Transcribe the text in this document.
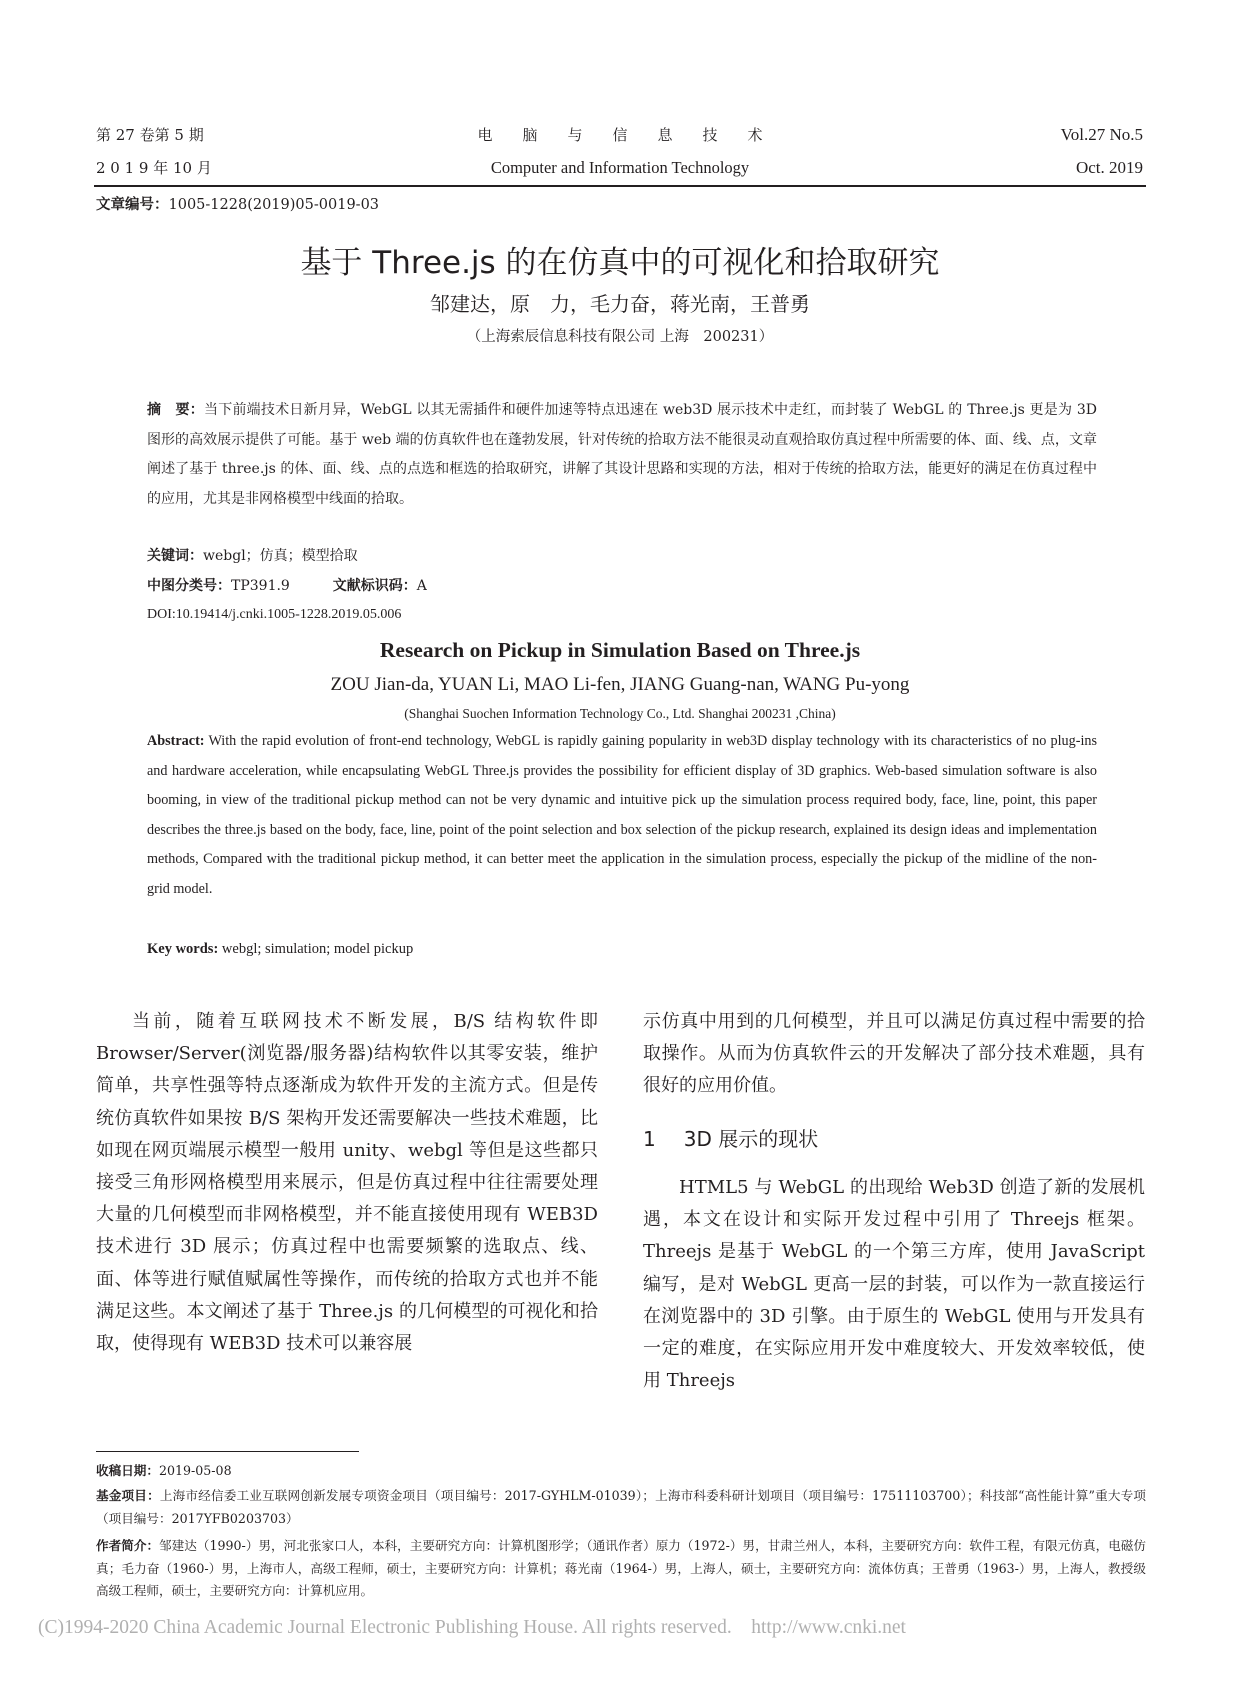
第 27 卷第 5 期
2 0 1 9 年 10 月
电　　脑　　与　　信　　息　　技　　术
Computer and Information Technology
Vol.27 No.5
Oct. 2019
文章编号：1005-1228(2019)05-0019-03
基于 Three.js 的在仿真中的可视化和拾取研究
邹建达，原　力，毛力奋，蒋光南，王普勇
（上海索辰信息科技有限公司 上海　200231）
摘　要：当下前端技术日新月异，WebGL 以其无需插件和硬件加速等特点迅速在 web3D 展示技术中走红，而封装了 WebGL 的 Three.js 更是为 3D 图形的高效展示提供了可能。基于 web 端的仿真软件也在蓬勃发展，针对传统的拾取方法不能很灵动直观拾取仿真过程中所需要的体、面、线、点，文章阐述了基于 three.js 的体、面、线、点的点选和框选的拾取研究，讲解了其设计思路和实现的方法，相对于传统的拾取方法，能更好的满足在仿真过程中的应用，尤其是非网格模型中线面的拾取。
关键词：webgl；仿真；模型拾取
中图分类号：TP391.9	文献标识码：A
DOI:10.19414/j.cnki.1005-1228.2019.05.006
Research on Pickup in Simulation Based on Three.js
ZOU Jian-da, YUAN Li, MAO Li-fen, JIANG Guang-nan, WANG Pu-yong
(Shanghai Suochen Information Technology Co., Ltd. Shanghai 200231 ,China)
Abstract: With the rapid evolution of front-end technology, WebGL is rapidly gaining popularity in web3D display technology with its characteristics of no plug-ins and hardware acceleration, while encapsulating WebGL Three.js provides the possibility for efficient display of 3D graphics. Web-based simulation software is also booming, in view of the traditional pickup method can not be very dynamic and intuitive pick up the simulation process required body, face, line, point, this paper describes the three.js based on the body, face, line, point of the point selection and box selection of the pickup research, explained its design ideas and implementation methods, Compared with the traditional pickup method, it can better meet the application in the simulation process, especially the pickup of the midline of the non-grid model.
Key words: webgl; simulation; model pickup
当前，随着互联网技术不断发展，B/S 结构软件即 Browser/Server(浏览器/服务器)结构软件以其零安装，维护简单，共享性强等特点逐渐成为软件开发的主流方式。但是传统仿真软件如果按 B/S 架构开发还需要解决一些技术难题，比如现在网页端展示模型一般用 unity、webgl 等但是这些都只接受三角形网格模型用来展示，但是仿真过程中往往需要处理大量的几何模型而非网格模型，并不能直接使用现有 WEB3D 技术进行 3D 展示；仿真过程中也需要频繁的选取点、线、面、体等进行赋值赋属性等操作，而传统的拾取方式也并不能满足这些。本文阐述了基于 Three.js 的几何模型的可视化和拾取，使得现有 WEB3D 技术可以兼容展
示仿真中用到的几何模型，并且可以满足仿真过程中需要的拾取操作。从而为仿真软件云的开发解决了部分技术难题，具有很好的应用价值。
1 3D 展示的现状
HTML5 与 WebGL 的出现给 Web3D 创造了新的发展机遇，本文在设计和实际开发过程中引用了 Threejs 框架。Threejs 是基于 WebGL 的一个第三方库，使用 JavaScript 编写，是对 WebGL 更高一层的封装，可以作为一款直接运行在浏览器中的 3D 引擎。由于原生的 WebGL 使用与开发具有一定的难度，在实际应用开发中难度较大、开发效率较低，使用 Threejs
收稿日期：2019-05-08
基金项目：上海市经信委工业互联网创新发展专项资金项目（项目编号：2017-GYHLM-01039）；上海市科委科研计划项目（项目编号：17511103700）；科技部“高性能计算”重大专项（项目编号：2017YFB0203703）
作者简介：邹建达（1990-）男，河北张家口人，本科，主要研究方向：计算机图形学；（通讯作者）原力（1972-）男，甘肃兰州人，本科，主要研究方向：软件工程，有限元仿真，电磁仿真；毛力奋（1960-）男，上海市人，高级工程师，硕士，主要研究方向：计算机；蒋光南（1964-）男，上海人，硕士，主要研究方向：流体仿真；王普勇（1963-）男，上海人，教授级高级工程师，硕士，主要研究方向：计算机应用。
(C)1994-2020 China Academic Journal Electronic Publishing House. All rights reserved.    http://www.cnki.net
